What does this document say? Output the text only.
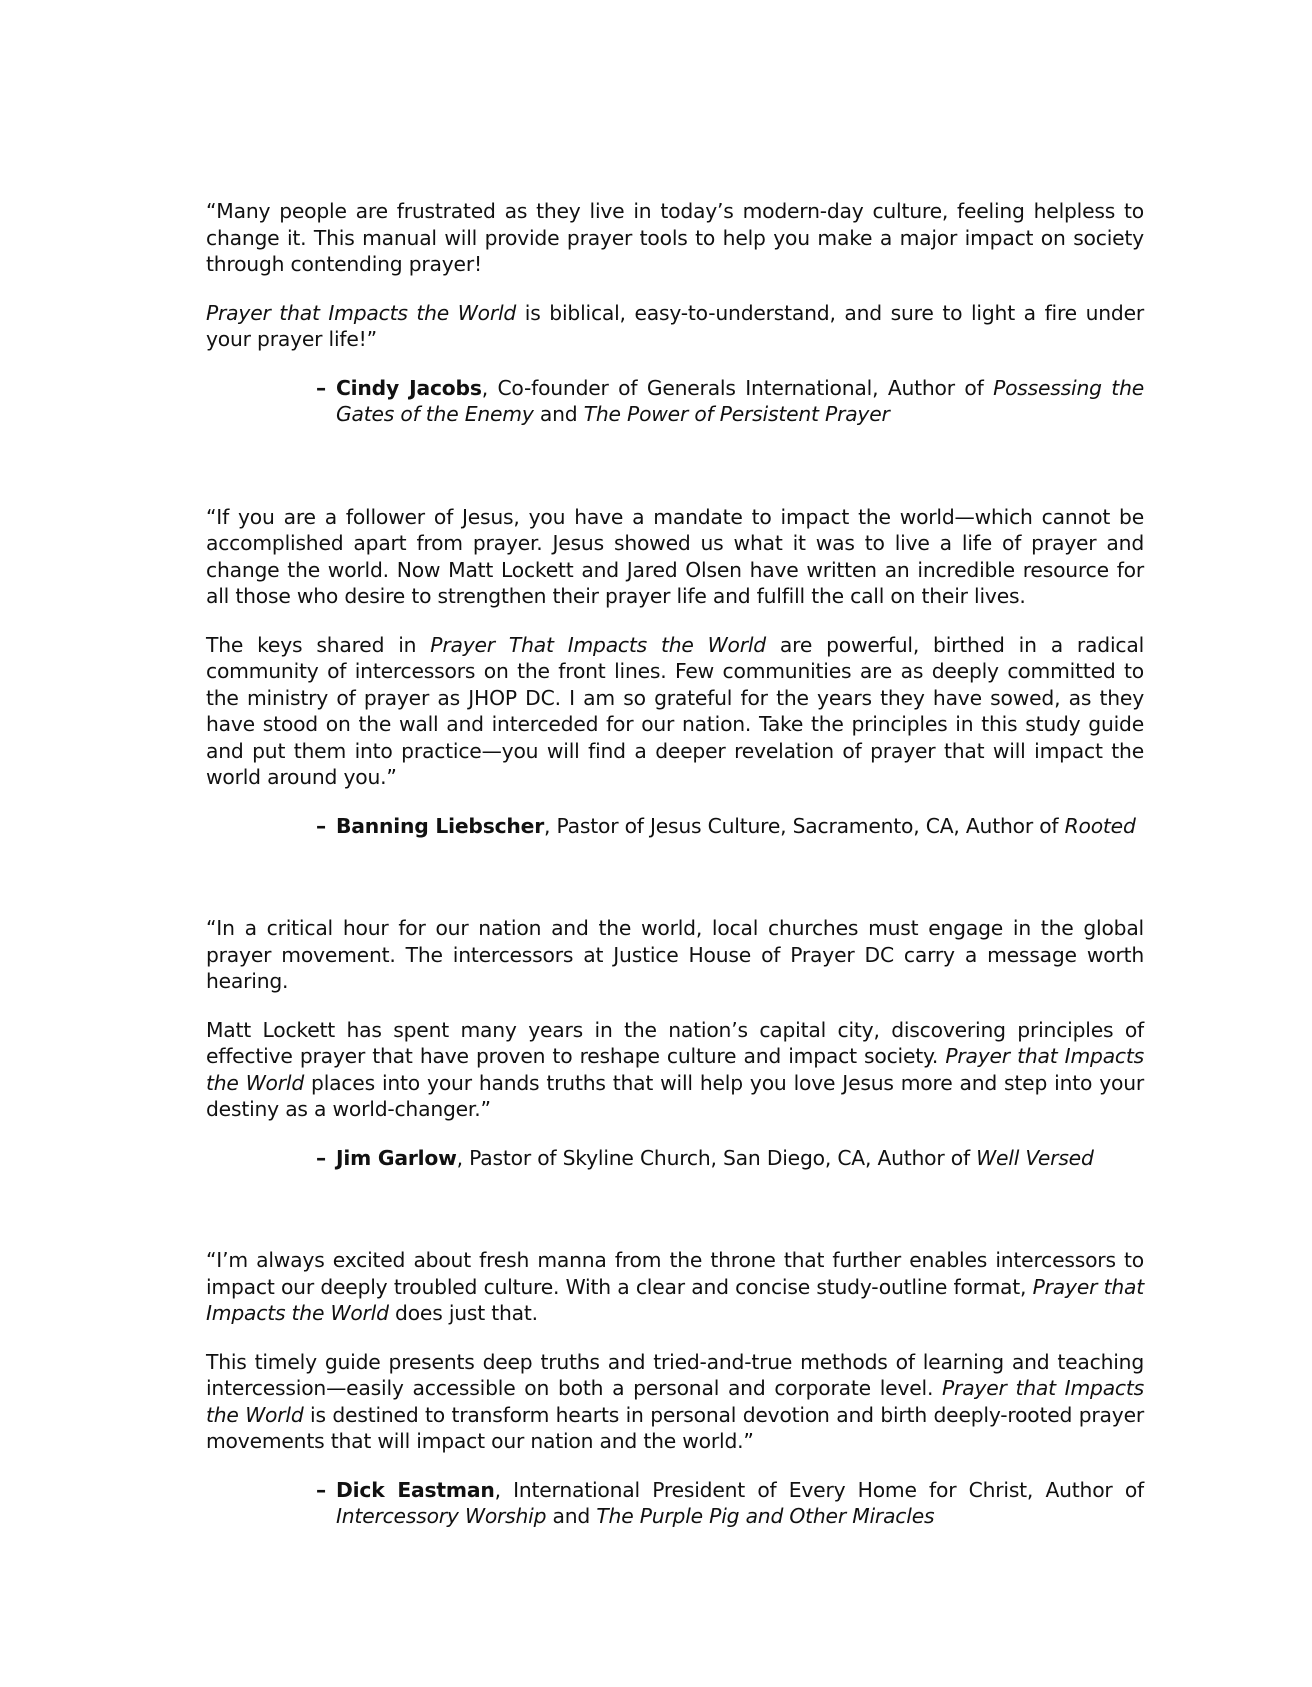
“Many people are frustrated as they live in today’s modern-day culture, feeling helpless to change it. This manual will provide prayer tools to help you make a major impact on society through contending prayer!

Prayer that Impacts the World is biblical, easy-to-understand, and sure to light a fire under your prayer life!”

– Cindy Jacobs, Co-founder of Generals International, Author of Possessing the Gates of the Enemy and The Power of Persistent Prayer

“If you are a follower of Jesus, you have a mandate to impact the world—which cannot be accomplished apart from prayer. Jesus showed us what it was to live a life of prayer and change the world. Now Matt Lockett and Jared Olsen have written an incredible resource for all those who desire to strengthen their prayer life and fulfill the call on their lives.

The keys shared in Prayer That Impacts the World are powerful, birthed in a radical community of intercessors on the front lines. Few communities are as deeply committed to the ministry of prayer as JHOP DC. I am so grateful for the years they have sowed, as they have stood on the wall and interceded for our nation. Take the principles in this study guide and put them into practice—you will find a deeper revelation of prayer that will impact the world around you.”

– Banning Liebscher, Pastor of Jesus Culture, Sacramento, CA, Author of Rooted

“In a critical hour for our nation and the world, local churches must engage in the global prayer movement. The intercessors at Justice House of Prayer DC carry a message worth hearing.

Matt Lockett has spent many years in the nation’s capital city, discovering principles of effective prayer that have proven to reshape culture and impact society. Prayer that Impacts the World places into your hands truths that will help you love Jesus more and step into your destiny as a world-changer.”

– Jim Garlow, Pastor of Skyline Church, San Diego, CA, Author of Well Versed

“I’m always excited about fresh manna from the throne that further enables intercessors to impact our deeply troubled culture. With a clear and concise study-outline format, Prayer that Impacts the World does just that.

This timely guide presents deep truths and tried-and-true methods of learning and teaching intercession—easily accessible on both a personal and corporate level. Prayer that Impacts the World is destined to transform hearts in personal devotion and birth deeply-rooted prayer movements that will impact our nation and the world.”

– Dick Eastman, International President of Every Home for Christ, Author of Intercessory Worship and The Purple Pig and Other Miracles
